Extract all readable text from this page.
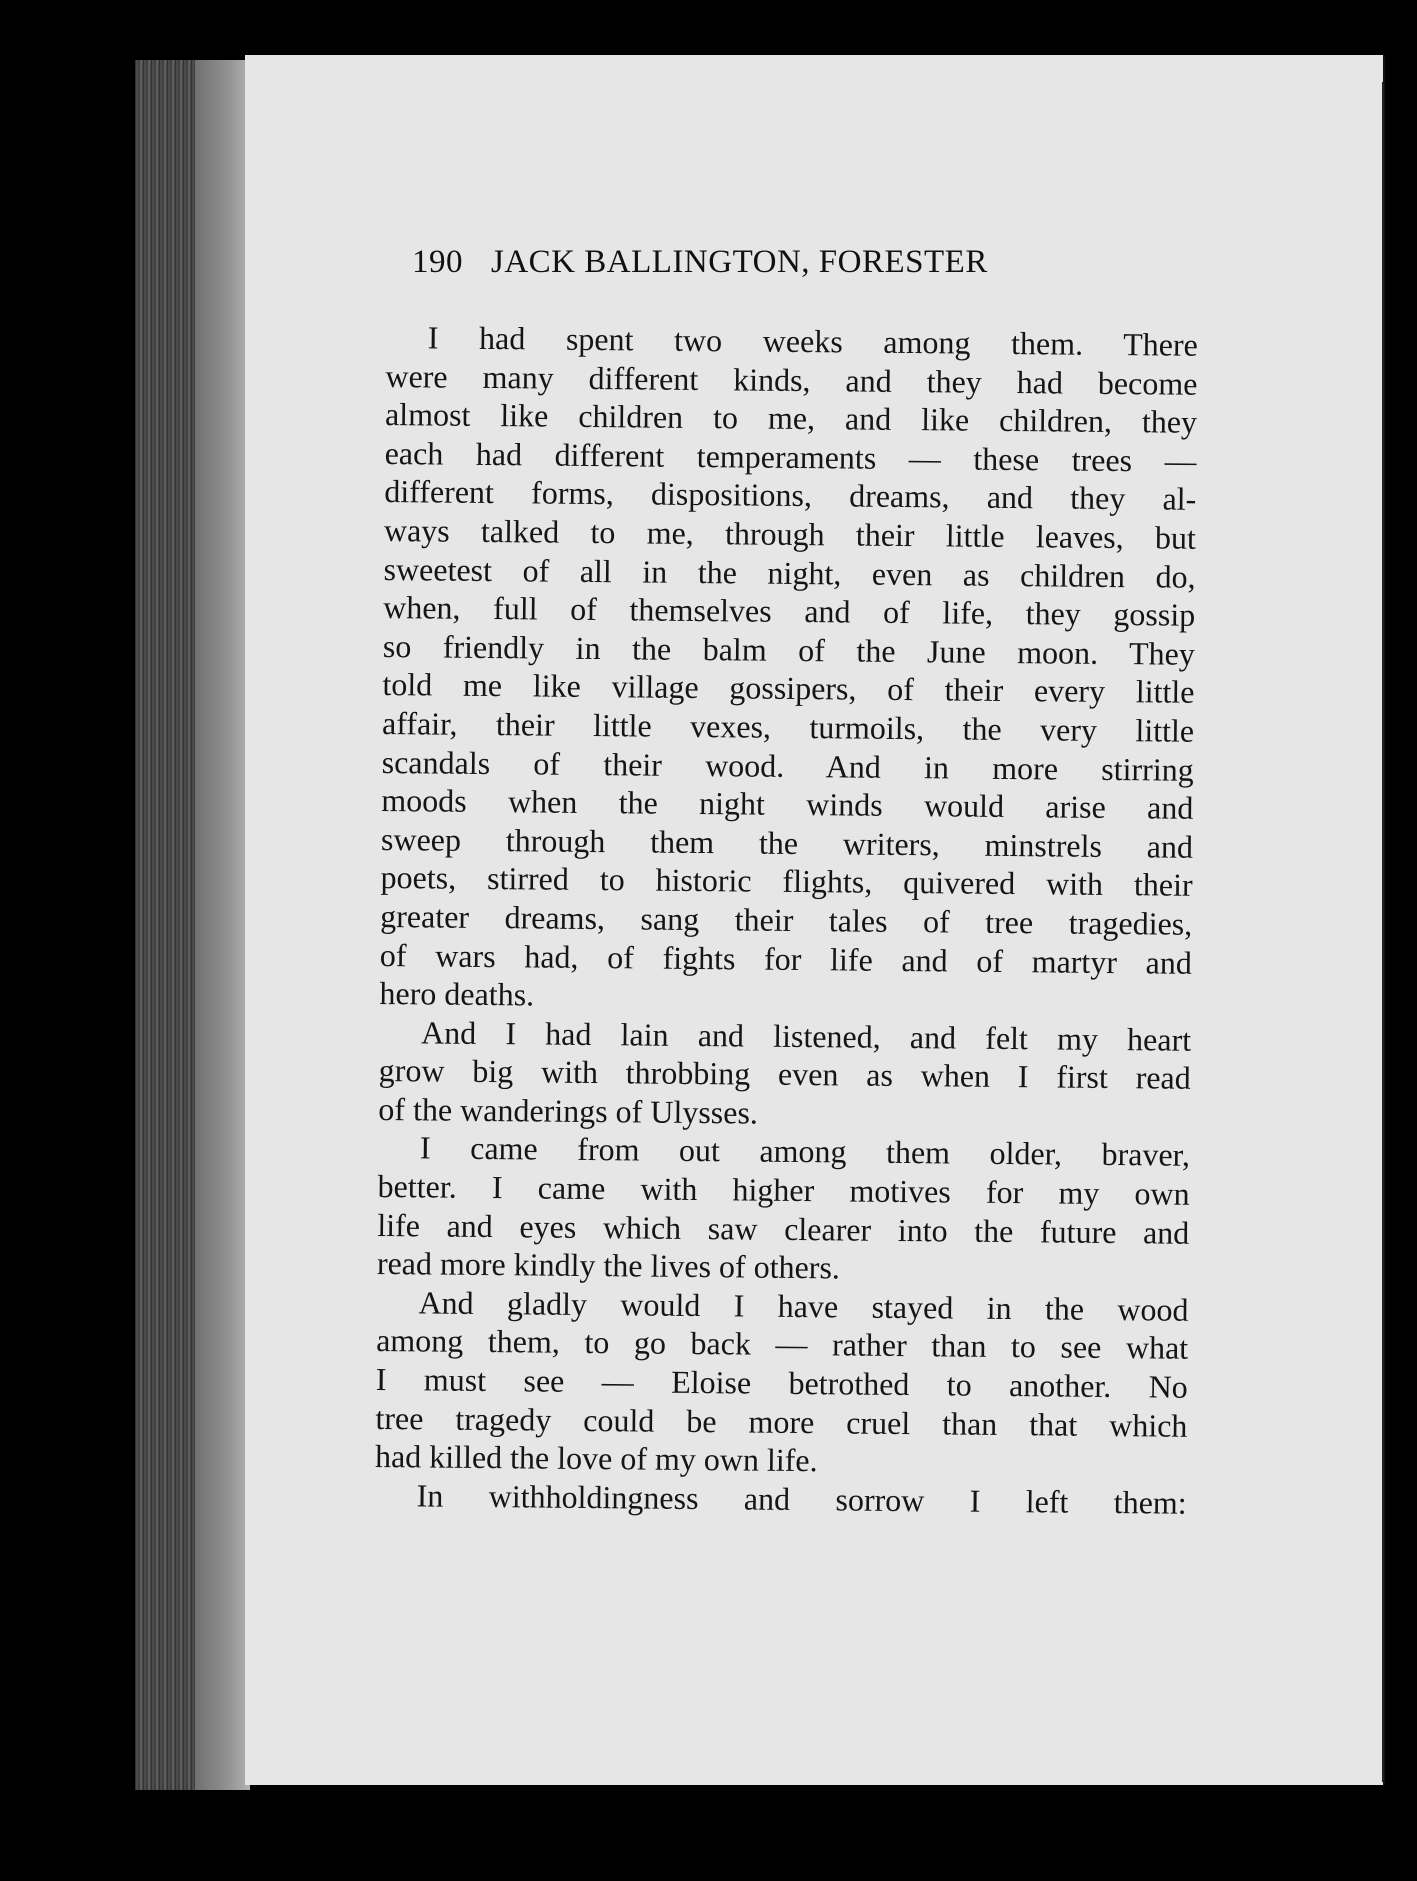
190 JACK BALLINGTON, FORESTER
I had spent two weeks among them. There
were many different kinds, and they had become
almost like children to me, and like children, they
each had different temperaments — these trees —
different forms, dispositions, dreams, and they al-
ways talked to me, through their little leaves, but
sweetest of all in the night, even as children do,
when, full of themselves and of life, they gossip
so friendly in the balm of the June moon. They
told me like village gossipers, of their every little
affair, their little vexes, turmoils, the very little
scandals of their wood. And in more stirring
moods when the night winds would arise and
sweep through them the writers, minstrels and
poets, stirred to historic flights, quivered with their
greater dreams, sang their tales of tree tragedies,
of wars had, of fights for life and of martyr and
hero deaths.
And I had lain and listened, and felt my heart
grow big with throbbing even as when I first read
of the wanderings of Ulysses.
I came from out among them older, braver,
better. I came with higher motives for my own
life and eyes which saw clearer into the future and
read more kindly the lives of others.
And gladly would I have stayed in the wood
among them, to go back — rather than to see what
I must see — Eloise betrothed to another. No
tree tragedy could be more cruel than that which
had killed the love of my own life.
In withholdingness and sorrow I left them:
